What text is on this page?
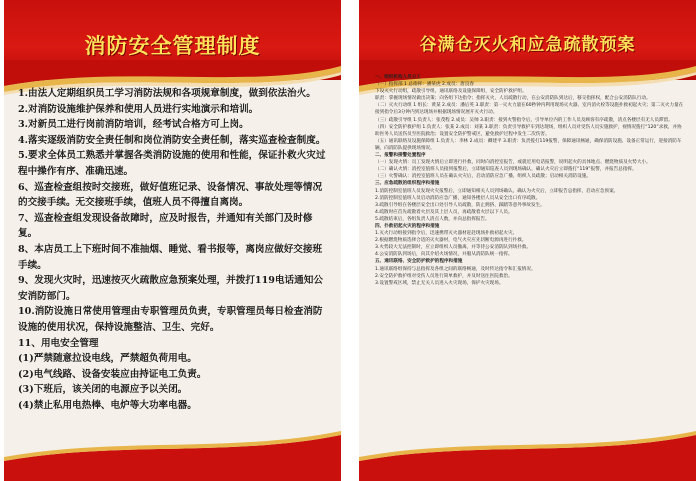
消防安全管理制度

1.由法人定期组织员工学习消防法规和各项规章制度，做到依法治火。

2.对消防设施维护保养和使用人员进行实地演示和培训。

3.对新员工进行岗前消防培训，经考试合格方可上岗。

4.落实逐级消防安全责任制和岗位消防安全责任制，落实巡查检查制度。

5.要求全体员工熟悉并掌握各类消防设施的使用和性能，保证扑救火灾过程中操作有序、准确迅速。

6、巡查检查组按时交接班，做好值班记录、设备情况、事故处理等情况的交接手续。无交接班手续，值班人员不得擅自离岗。

7、巡查检查组发现设备故障时，应及时报告，并通知有关部门及时修复。

8、本店员工上下班时间不准抽烟、睡觉、看书报等，离岗应做好交接班手续。

9、发现火灾时，迅速按灭火疏散应急预案处理，并拨打119电话通知公安消防部门。

10.消防设施日常使用管理由专职管理员负责，专职管理员每日检查消防设施的使用状况，保持设施整洁、卫生、完好。

11、用电安全管理

(1)严禁随意拉设电线，严禁超负荷用电。

(2)电气线路、设备安装应由持证电工负责。

(3)下班后，该关闭的电源应予以关闭。

(4)禁止私用电热棒、电炉等大功率电器。

谷满仓灭火和应急疏散预案

一、组织机构人员分工

（一）指挥部 1 总指挥：潘某虎 2.成员：唐良春

下设灭火行动组，疏散引导组，通讯联络及设施保障组，安全防护救护组。

职责：掌握现场情况做出决策；向各组下达指令；指挥灭火，人员疏散行动，在公安消防队到达后，移交指挥权，配合公安消防队行动。

（二）灭火行动组 1 组长：黄某 2.成员：潘后英 3.职责：第一灭火力量在60秒钟内利用现场灭火器、室内消火栓等设施扑救初起火灾；第二灭火力量在接到指令后3分钟内到达现场并根据现场情况展开灭火行动。

（三）疏散引导组 1.负责人：张茂程 2.成员：吴帅 3.职责：接到火警指令后，引导单位内的工作人员及顾客有序疏散，清点各楼层有无人员滞留。

（四）安全防护救护组 1.负责人：张某 2.成员：刘某 3.职责：负责引导救护车到达现场，组织人员对受伤人员实施救护，视情况拨打“120”求救，并协助医务人员送伤员至医院救治；设置安全防护警戒区，避免救护过程中发生二次伤害。

（五）通讯联络及设施保障组 1.负责人：李林 2.成员：卿建平 3.职责：负责拨打119报警，保障通讯畅通，确保消防设施、设备正常运行，迎接消防车辆，向消防队提供现场情况。

二、报警和接警处置程序

（一）发现火情：员工发现火情后立即进行扑救，同时向消控室报告，或就近用电话报警，说明起火的具体地点、燃烧物质及火势大小。

（二）确认火情：消控室值班人员接到报警后，立即通知巡查人员到现场确认，确认火灾后立即拨打“119”报警，并报告总指挥。

（三）火警确认：消控室值班人员在确认火灾后，启动消防应急广播，组织人员疏散；启动相关消防设施。

三、应急疏散的组织程序和措施

1.消防控制室值班人员发现火灾报警后，立即通知相关人员到场确认。确认为火灾后，立即报告总指挥，启动应急预案。

2.消防控制室值班人员启动消防应急广播，通知各楼层人员从安全出口有序疏散。

3.疏散引导组在各楼层安全出口处引导人员疏散，防止拥挤、踩踏等意外事故发生。

4.疏散时应首先疏散着火层及其上层人员，再疏散着火层以下人员。

5.疏散结束后，各组负责人清点人数，并向总指挥报告。

四、扑救初起火灾的程序和措施

1.灭火行动组接到指令后，迅速携带灭火器材赶赴现场扑救初起火灾。

2.根据燃烧物质选择合适的灭火器材，电气火灾应先切断电源再进行扑救。

3.火势较大无法控制时，应立即组织人员撤离，并等待公安消防队到场扑救。

4.公安消防队到场后，向其介绍火场情况，并服从消防队统一指挥。

五、通讯联络、安全防护救护的程序和措施

1.通讯联络组保持与总指挥及各组之间的联络畅通，及时传达指令和汇报情况。

2.安全防护救护组对受伤人员进行简单救护，并及时送往医院救治。

3.设置警戒区域，禁止无关人员进入火灾现场，保护火灾现场。
